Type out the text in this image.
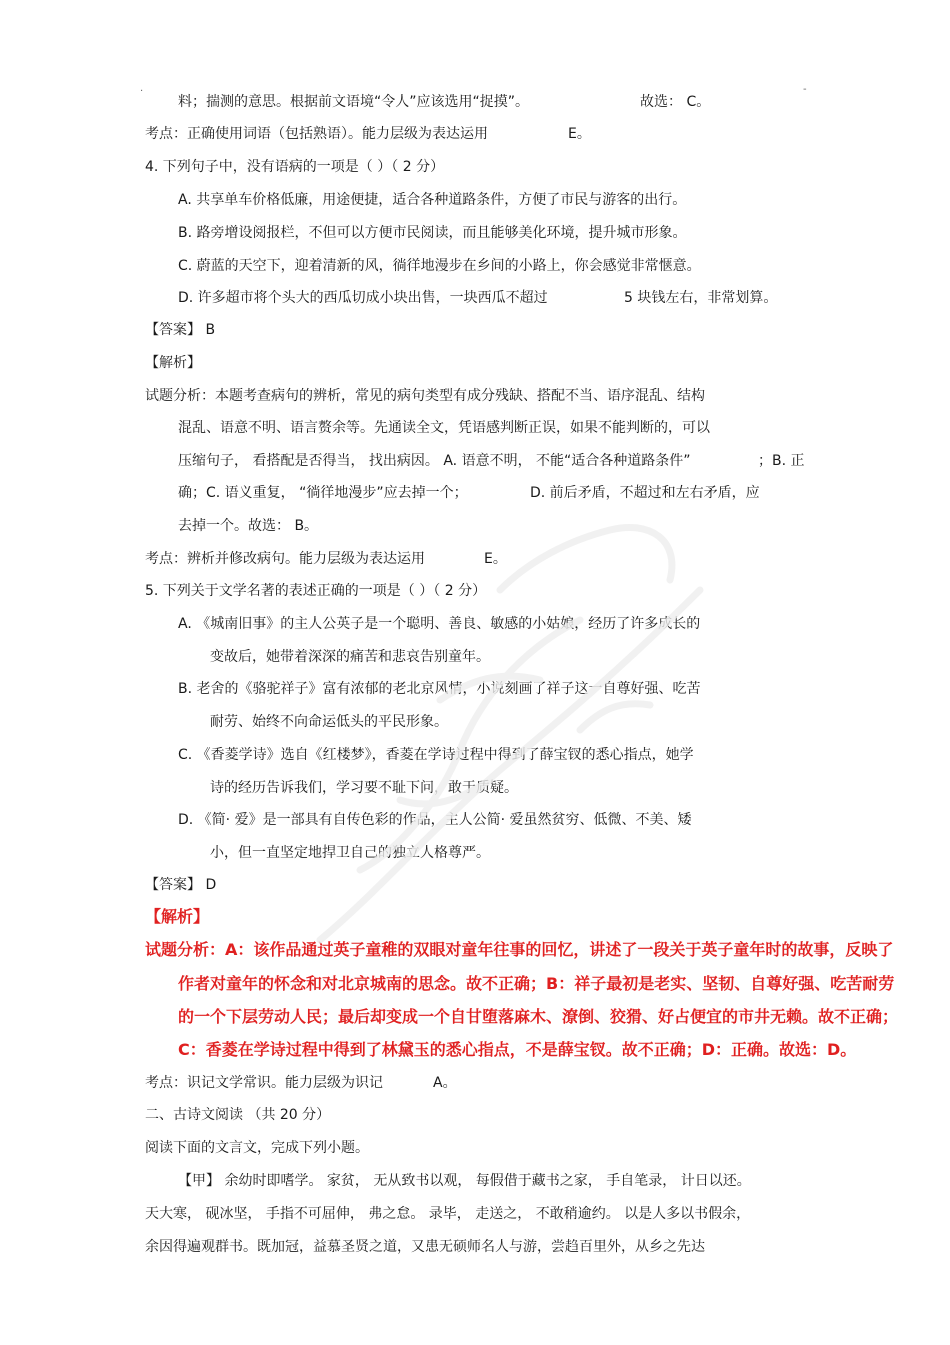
·	-
料；揣测的意思。根据前文语境“令人”应该选用“捉摸”。	故选： C。
考点：正确使用词语（包括熟语）。能力层级为表达运用	E。
4. 下列句子中，没有语病的一项是（ ）（ 2 分）
A. 共享单车价格低廉，用途便捷，适合各种道路条件，方便了市民与游客的出行。
B. 路旁增设阅报栏，不但可以方便市民阅读，而且能够美化环境，提升城市形象。
C. 蔚蓝的天空下，迎着清新的风，徜徉地漫步在乡间的小路上，你会感觉非常惬意。
D. 许多超市将个头大的西瓜切成小块出售，一块西瓜不超过	5 块钱左右，非常划算。
【答案】 B
【解析】
试题分析：本题考查病句的辨析，常见的病句类型有成分残缺、搭配不当、语序混乱、结构
混乱、语意不明、语言赘余等。先通读全文，凭语感判断正误，如果不能判断的，可以
压缩句子， 看搭配是否得当， 找出病因。 A. 语意不明， 不能“适合各种道路条件”	；B. 正
确；C. 语义重复， “徜徉地漫步”应去掉一个；	D. 前后矛盾，不超过和左右矛盾，应
去掉一个。故选： B。
考点：辨析并修改病句。能力层级为表达运用	E。
5. 下列关于文学名著的表述正确的一项是（ ）（ 2 分）
A. 《城南旧事》的主人公英子是一个聪明、善良、敏感的小姑娘，经历了许多成长的
变故后，她带着深深的痛苦和悲哀告别童年。
B. 老舍的《骆驼祥子》富有浓郁的老北京风情，小说刻画了祥子这一自尊好强、吃苦
耐劳、始终不向命运低头的平民形象。
C. 《香菱学诗》选自《红楼梦》，香菱在学诗过程中得到了薛宝钗的悉心指点，她学
诗的经历告诉我们，学习要不耻下问，敢于质疑。
D. 《简· 爱》是一部具有自传色彩的作品，主人公简· 爱虽然贫穷、低微、不美、矮
小，但一直坚定地捍卫自己的独立人格尊严。
【答案】 D
【解析】
试题分析：A：该作品通过英子童稚的双眼对童年往事的回忆，讲述了一段关于英子童年时的故事，反映了
作者对童年的怀念和对北京城南的思念。故不正确；B：祥子最初是老实、坚韧、自尊好强、吃苦耐劳
的一个下层劳动人民；最后却变成一个自甘堕落麻木、潦倒、狡猾、好占便宜的市井无赖。故不正确；
C：香菱在学诗过程中得到了林黛玉的悉心指点，不是薛宝钗。故不正确；D：正确。故选：D。
考点：识记文学常识。能力层级为识记	A。
二、古诗文阅读 （共 20 分）
阅读下面的文言文，完成下列小题。
【甲】 余幼时即嗜学。 家贫， 无从致书以观， 每假借于藏书之家， 手自笔录， 计日以还。
天大寒， 砚冰坚， 手指不可屈伸， 弗之怠。 录毕， 走送之， 不敢稍逾约。 以是人多以书假余，
余因得遍观群书。既加冠，益慕圣贤之道，又患无硕师名人与游，尝趋百里外，从乡之先达
